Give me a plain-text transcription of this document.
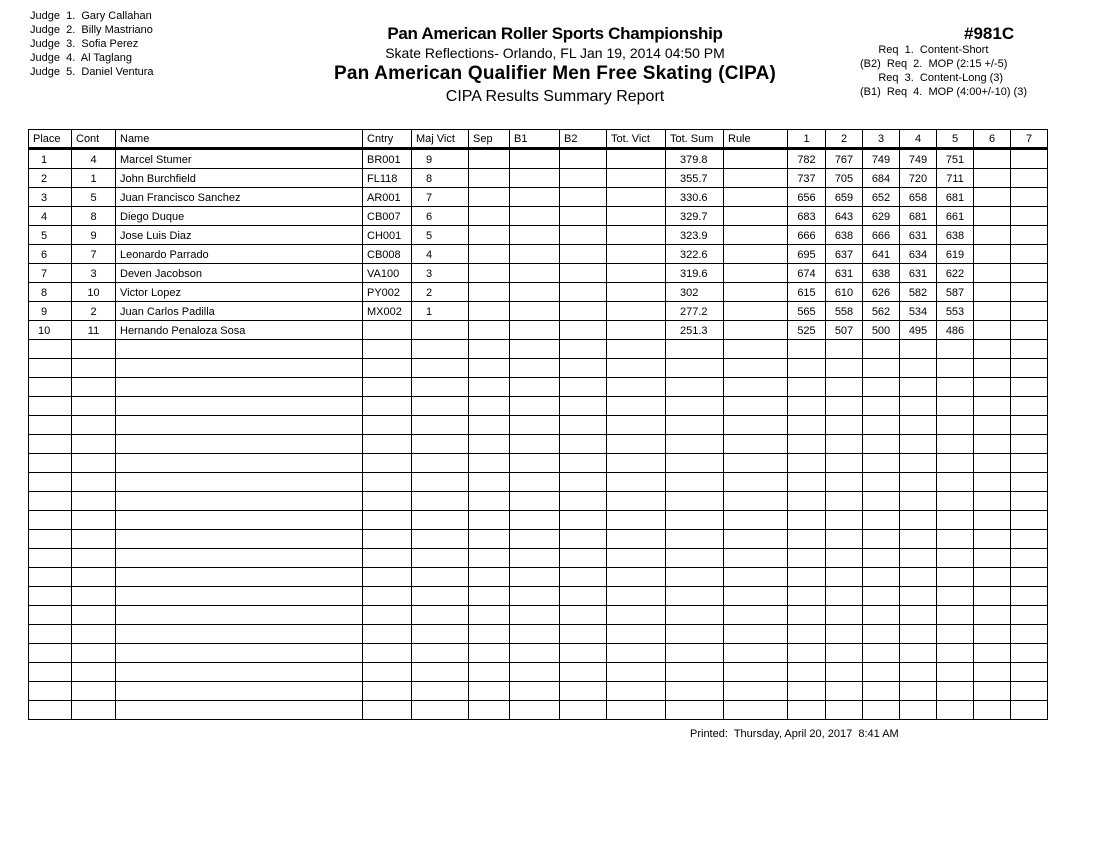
Judge  1.  Gary Callahan
Judge  2.  Billy Mastriano
Judge  3.  Sofia Perez
Judge  4.  Al Taglang
Judge  5.  Daniel Ventura
Pan American Roller Sports Championship
Skate Reflections- Orlando, FL Jan 19, 2014 04:50 PM
Pan American Qualifier Men Free Skating (CIPA)
CIPA Results Summary Report
#981C
Req  1.  Content-Short
(B2)  Req  2.  MOP (2:15 +/-5)
Req  3.  Content-Long (3)
(B1)  Req  4.  MOP (4:00+/-10) (3)
Place	Cont	Name	Cntry	Maj Vict	Sep	B1	B2	Tot. Vict	Tot. Sum	Rule	1	2	3	4	5	6	7
1	4	Marcel Stumer	BR001	9					379.8		782	767	749	749	751		
2	1	John Burchfield	FL118	8					355.7		737	705	684	720	711		
3	5	Juan Francisco Sanchez	AR001	7					330.6		656	659	652	658	681		
4	8	Diego Duque	CB007	6					329.7		683	643	629	681	661		
5	9	Jose Luis Diaz	CH001	5					323.9		666	638	666	631	638		
6	7	Leonardo Parrado	CB008	4					322.6		695	637	641	634	619		
7	3	Deven Jacobson	VA100	3					319.6		674	631	638	631	622		
8	10	Victor Lopez	PY002	2					302		615	610	626	582	587		
9	2	Juan Carlos Padilla	MX002	1					277.2		565	558	562	534	553		
10	11	Hernando Penaloza Sosa							251.3		525	507	500	495	486		

Printed:  Thursday, April 20, 2017  8:41 AM
